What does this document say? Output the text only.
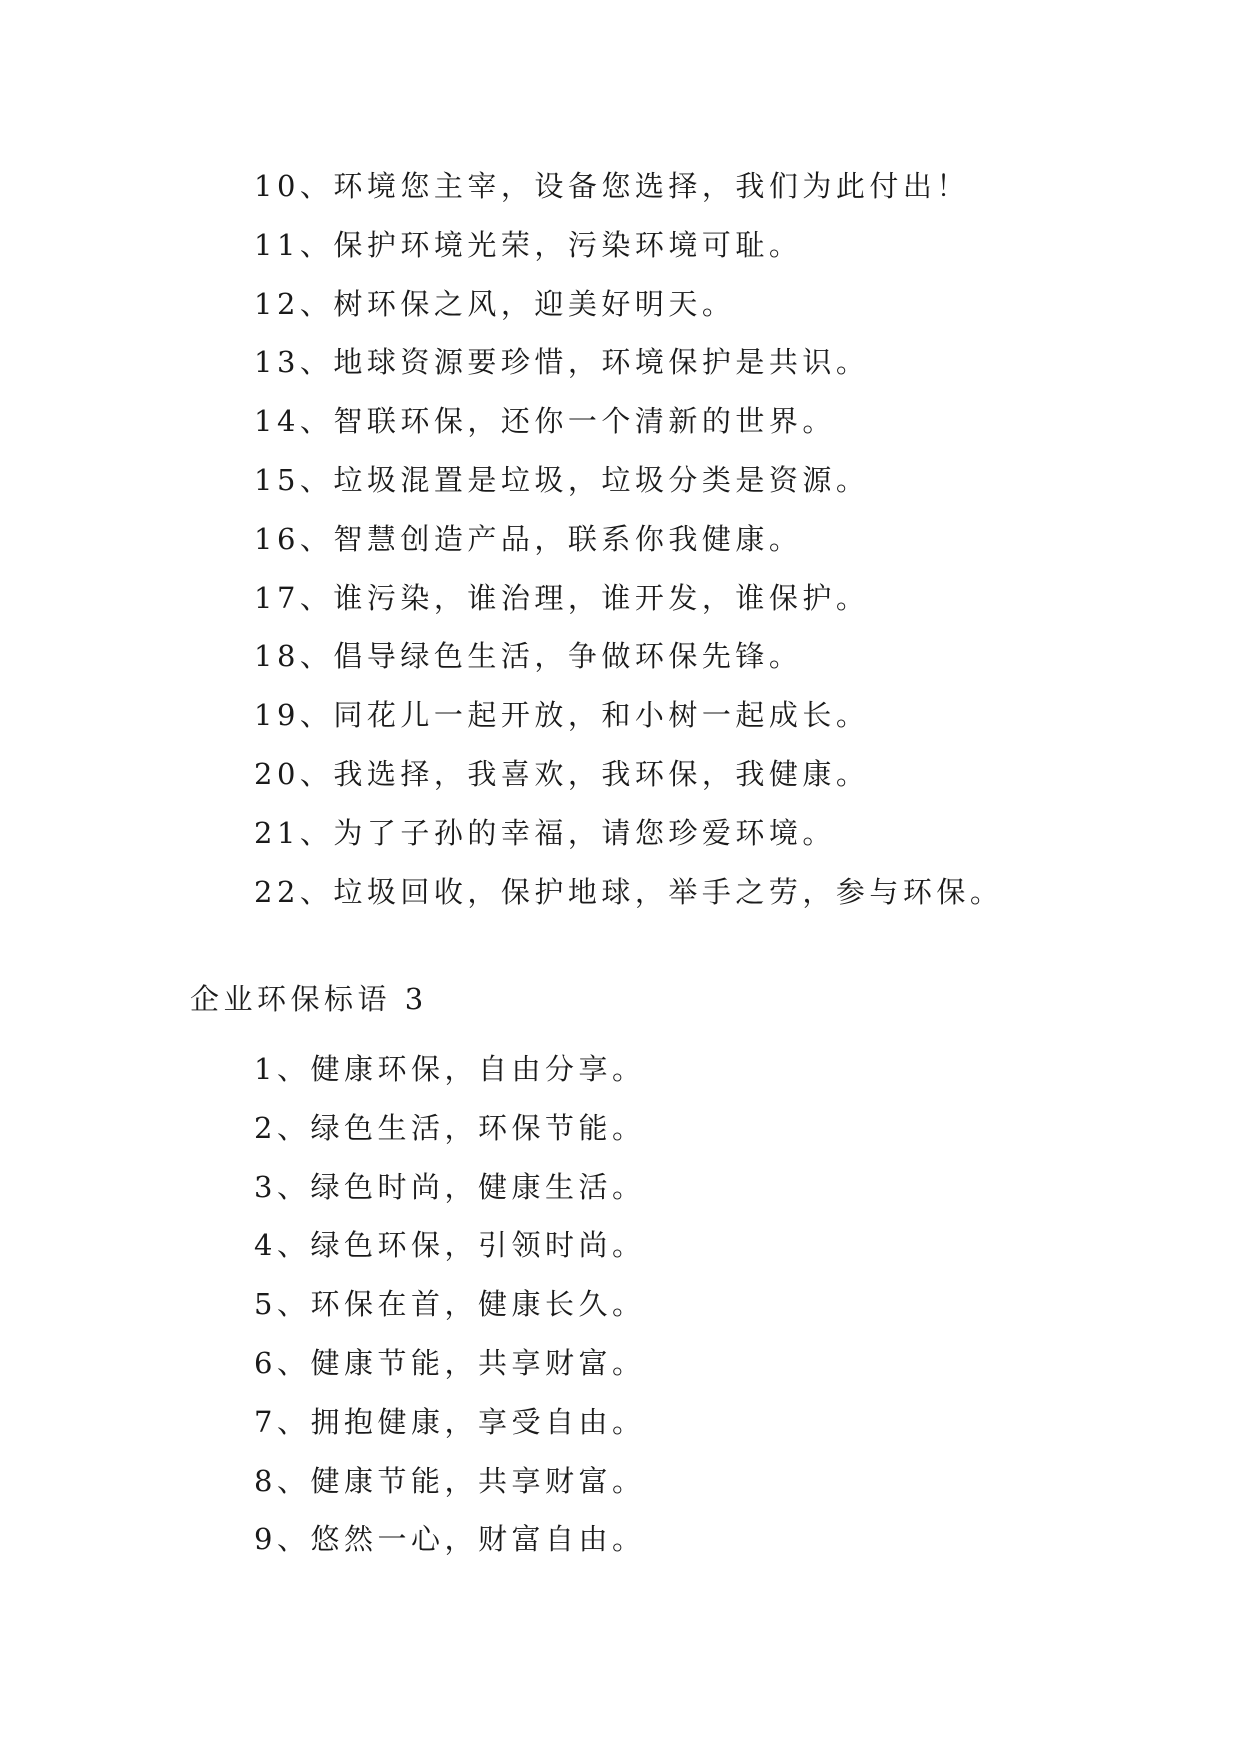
10、环境您主宰，设备您选择，我们为此付出！
11、保护环境光荣，污染环境可耻。
12、树环保之风，迎美好明天。
13、地球资源要珍惜，环境保护是共识。
14、智联环保，还你一个清新的世界。
15、垃圾混置是垃圾，垃圾分类是资源。
16、智慧创造产品，联系你我健康。
17、谁污染，谁治理，谁开发，谁保护。
18、倡导绿色生活，争做环保先锋。
19、同花儿一起开放，和小树一起成长。
20、我选择，我喜欢，我环保，我健康。
21、为了子孙的幸福，请您珍爱环境。
22、垃圾回收，保护地球，举手之劳，参与环保。
企业环保标语 3
1、健康环保，自由分享。
2、绿色生活，环保节能。
3、绿色时尚，健康生活。
4、绿色环保，引领时尚。
5、环保在首，健康长久。
6、健康节能，共享财富。
7、拥抱健康，享受自由。
8、健康节能，共享财富。
9、悠然一心，财富自由。
